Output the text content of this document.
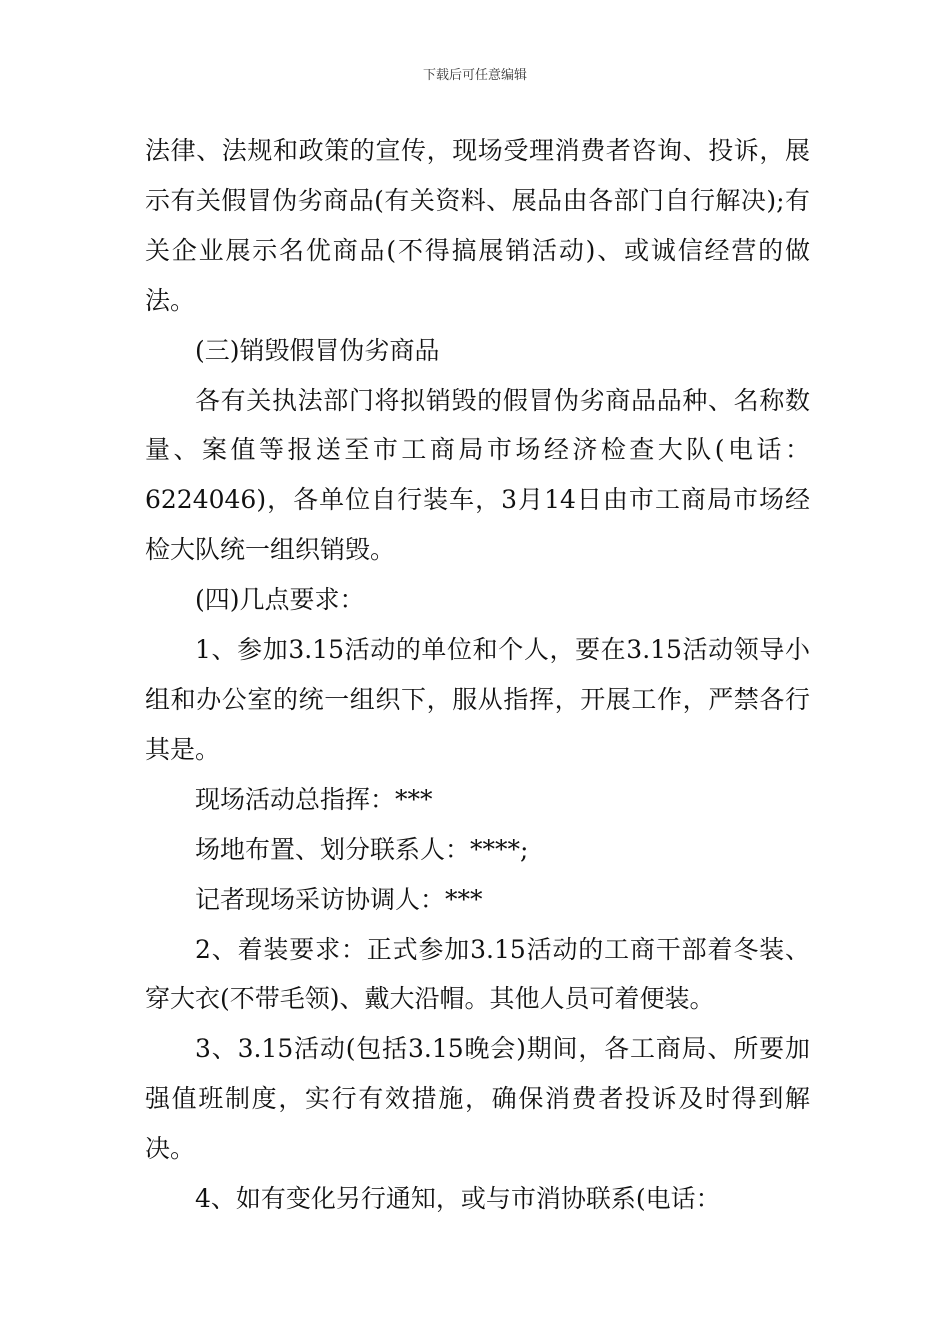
下载后可任意编辑

法律、法规和政策的宣传，现场受理消费者咨询、投诉，展示有关假冒伪劣商品(有关资料、展品由各部门自行解决);有关企业展示名优商品(不得搞展销活动)、或诚信经营的做法。

(三)销毁假冒伪劣商品

各有关执法部门将拟销毁的假冒伪劣商品品种、名称数量、案值等报送至市工商局市场经济检查大队(电话：6224046)，各单位自行装车，3月14日由市工商局市场经检大队统一组织销毁。

(四)几点要求：

1、参加3.15活动的单位和个人，要在3.15活动领导小组和办公室的统一组织下，服从指挥，开展工作，严禁各行其是。

现场活动总指挥：***

场地布置、划分联系人：****;

记者现场采访协调人：***

2、着装要求：正式参加3.15活动的工商干部着冬装、穿大衣(不带毛领)、戴大沿帽。其他人员可着便装。

3、3.15活动(包括3.15晚会)期间，各工商局、所要加强值班制度，实行有效措施，确保消费者投诉及时得到解决。

4、如有变化另行通知，或与市消协联系(电话：
